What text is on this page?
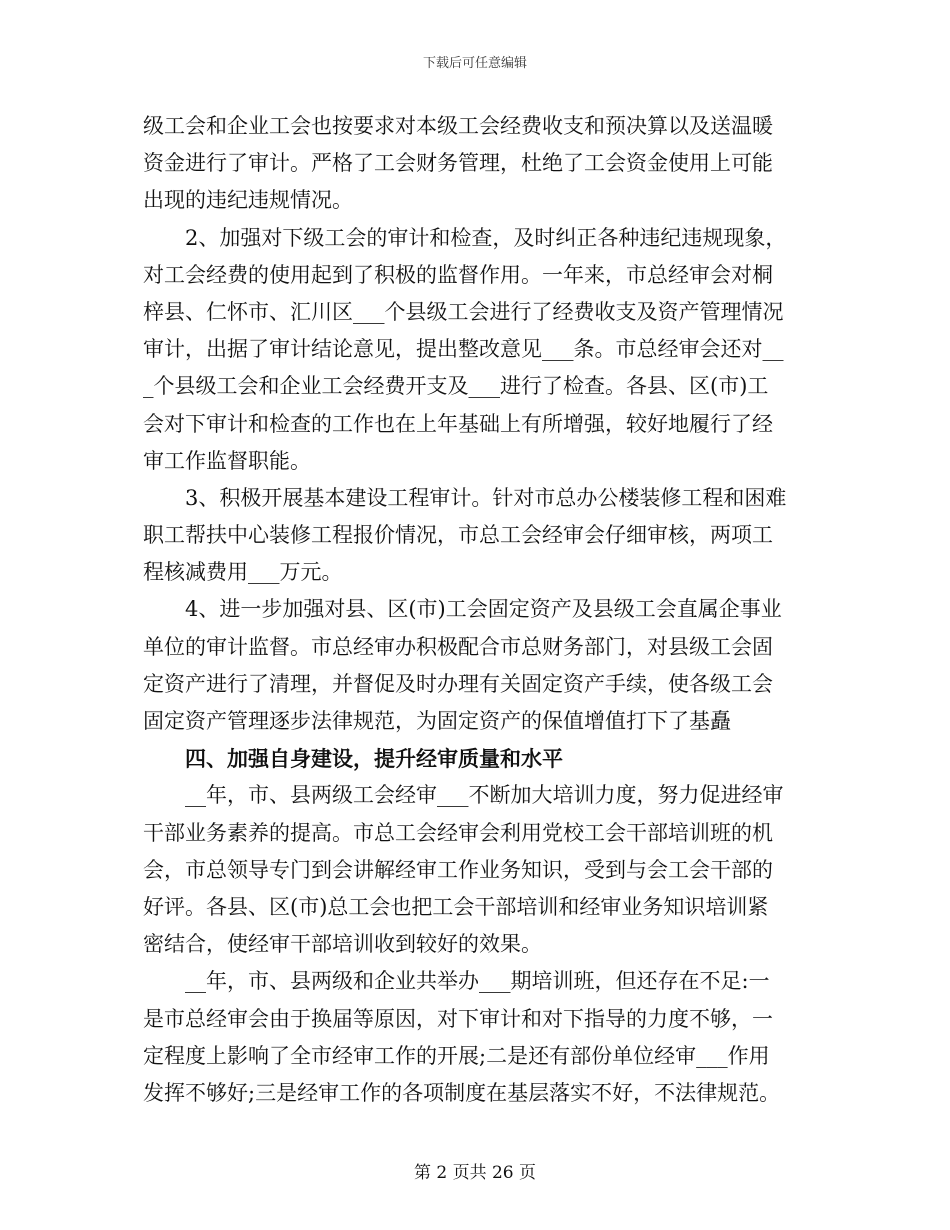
下载后可任意编辑
级工会和企业工会也按要求对本级工会经费收支和预决算以及送温暖
资金进行了审计。严格了工会财务管理，杜绝了工会资金使用上可能
出现的违纪违规情况。
2、加强对下级工会的审计和检查，及时纠正各种违纪违规现象，
对工会经费的使用起到了积极的监督作用。一年来，市总经审会对桐
梓县、仁怀市、汇川区___个县级工会进行了经费收支及资产管理情况
审计，出据了审计结论意见，提出整改意见___条。市总经审会还对__
_个县级工会和企业工会经费开支及___进行了检查。各县、区(市)工
会对下审计和检查的工作也在上年基础上有所增强，较好地履行了经
审工作监督职能。
3、积极开展基本建设工程审计。针对市总办公楼装修工程和困难
职工帮扶中心装修工程报价情况，市总工会经审会仔细审核，两项工
程核减费用___万元。
4、进一步加强对县、区(市)工会固定资产及县级工会直属企事业
单位的审计监督。市总经审办积极配合市总财务部门，对县级工会固
定资产进行了清理，并督促及时办理有关固定资产手续，使各级工会
固定资产管理逐步法律规范，为固定资产的保值增值打下了基矗
四、加强自身建设，提升经审质量和水平
__年，市、县两级工会经审___不断加大培训力度，努力促进经审
干部业务素养的提高。市总工会经审会利用党校工会干部培训班的机
会，市总领导专门到会讲解经审工作业务知识，受到与会工会干部的
好评。各县、区(市)总工会也把工会干部培训和经审业务知识培训紧
密结合，使经审干部培训收到较好的效果。
__年，市、县两级和企业共举办___期培训班，但还存在不足:一
是市总经审会由于换届等原因，对下审计和对下指导的力度不够，一
定程度上影响了全市经审工作的开展;二是还有部份单位经审___作用
发挥不够好;三是经审工作的各项制度在基层落实不好，不法律规范。
第 2 页共 26 页
